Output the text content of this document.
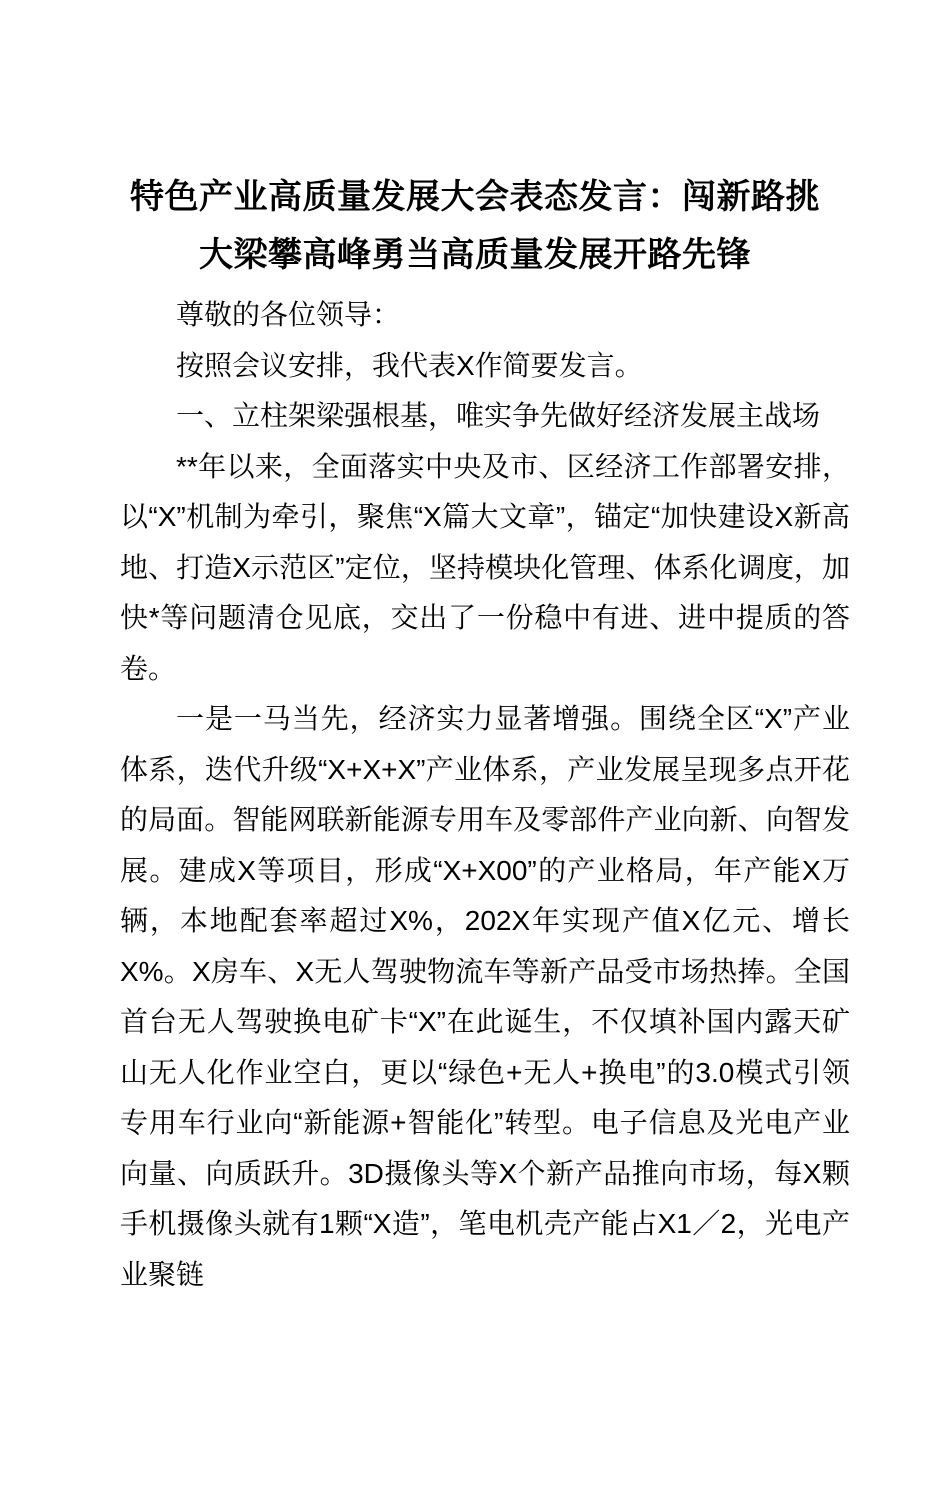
特色产业高质量发展大会表态发言：闯新路挑大梁攀高峰勇当高质量发展开路先锋

尊敬的各位领导：

按照会议安排，我代表X作简要发言。

一、立柱架梁强根基，唯实争先做好经济发展主战场

**年以来，全面落实中央及市、区经济工作部署安排，以“X”机制为牵引，聚焦“X篇大文章”，锚定“加快建设X新高地、打造X示范区”定位，坚持模块化管理、体系化调度，加快*等问题清仓见底，交出了一份稳中有进、进中提质的答卷。

一是一马当先，经济实力显著增强。围绕全区“X”产业体系，迭代升级“X+X+X”产业体系，产业发展呈现多点开花的局面。智能网联新能源专用车及零部件产业向新、向智发展。建成X等项目，形成“X+X00”的产业格局，年产能X万辆，本地配套率超过X%，202X年实现产值X亿元、增长X%。X房车、X无人驾驶物流车等新产品受市场热捧。全国首台无人驾驶换电矿卡“X”在此诞生，不仅填补国内露天矿山无人化作业空白，更以“绿色+无人+换电”的3.0模式引领专用车行业向“新能源+智能化”转型。电子信息及光电产业向量、向质跃升。3D摄像头等X个新产品推向市场，每X颗手机摄像头就有1颗“X造”，笔电机壳产能占X1／2，光电产业聚链
